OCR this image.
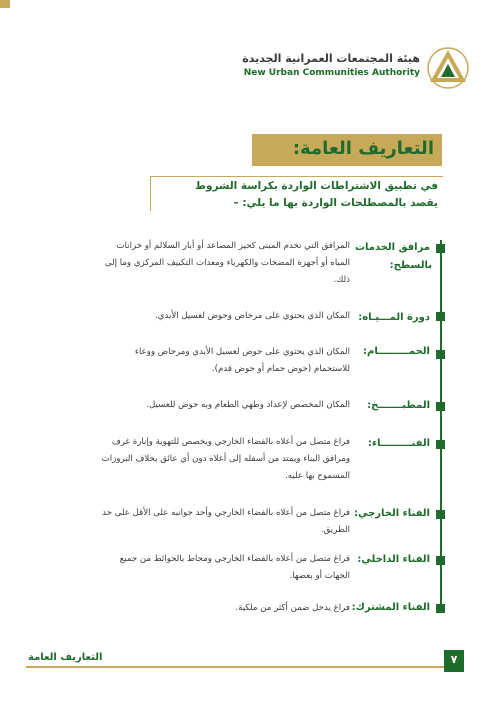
هيئة المجتمعات العمرانية الجديدة
New Urban Communities Authority
التعاريف العامة:
في تطبيق الاشتراطات الواردة بكراسة الشروط
يقصد بالمصطلحات الواردة بها ما يلي: –
مرافق الخدمات
بالسطح:
المرافق التي تخدم المبنى كحيز المصاعد أو أبار السلالم أو خزانات
المياه أو أجهزة المضخات والكهرباء ومعدات التكييف المركزي وما إلى
ذلك.
دورة المـــيـاه:
المكان الذي يحتوي على مرحاض وحوض لغسيل الأيدي.
الحمـــــــــام:
المكان الذي يحتوي على حوض لغسيل الأيدي ومرحاض ووعاء
للاستحمام (حوض حمام أو حوض قدم).
المطبـــــــخ:
المكان المخصص لإعداد وطهي الطعام وبه حوض للغسيل.
الفنـــــــــاء:
فراغ متصل من أعلاه بالفضاء الخارجي ويخصص للتهوية وإنارة غرف
ومرافق البناء ويمتد من أسفله إلى أعلاه دون أي عائق بخلاف البروزات
المسموح بها عليه.
الفناء الخارجي:
فراغ متصل من أعلاه بالفضاء الخارجي وأحد جوانبه على الأقل على حد
الطريق.
الفناء الداخلي:
فراغ متصل من أعلاه بالفضاء الخارجي ومحاط بالحوائط من جميع
الجهات أو بعضها.
الفناء المشترك:
فراغ يدخل ضمن أكثر من ملكية.
٧
التعاريف العامة
